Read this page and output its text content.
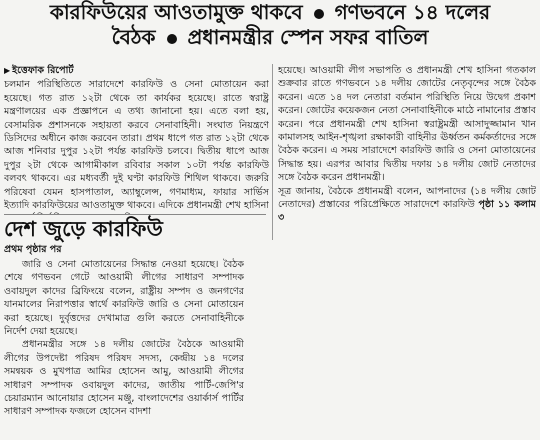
কারফিউয়ের আওতামুক্ত থাকবে গণভবনে ১৪ দলের
বৈঠক প্রধানমন্ত্রীর স্পেন সফর বাতিল
▶ ইত্তেফাক রিপোর্ট

চলমান পরিস্থিতিতে সারাদেশে কারফিউ ও সেনা মোতায়েন করা হয়েছে। গত রাত ১২টা থেকে তা কার্যকর হয়েছে। রাতে স্বরাষ্ট্র মন্ত্রণালয়ের এক প্রজ্ঞাপনে এ তথ্য জানানো হয়। এতে বলা হয়, বেসামরিক প্রশাসনকে সহায়তা করবে সেনাবাহিনী। সংঘাত নিয়ন্ত্রণে ডিসিদের অধীনে কাজ করবেন তারা। প্রথম ধাপে গত রাত ১২টা থেকে আজ শনিবার দুপুর ১২টা পর্যন্ত কারফিউ চলবে। দ্বিতীয় ধাপে আজ দুপুর ২টা থেকে আগামীকাল রবিবার সকাল ১০টা পর্যন্ত কারফিউ বলবৎ থাকবে। এর মধ্যবর্তী দুই ঘণ্টা কারফিউ শিথিল থাকবে। জরুরি পরিষেবা যেমন হাসপাতাল, অ্যাম্বুলেন্স, গণমাধ্যম, ফায়ার সার্ভিস ইত্যাদি কারফিউয়ের আওতামুক্ত থাকবে। এদিকে প্রধানমন্ত্রী শেখ হাসিনা

হয়েছে। আওয়ামী লীগ সভাপতি ও প্রধানমন্ত্রী শেখ হাসিনা গতকাল শুক্রবার রাতে গণভবনে ১৪ দলীয় জোটের নেতৃবৃন্দের সঙ্গে বৈঠক করেন। এতে ১৪ দল নেতারা বর্তমান পরিস্থিতি নিয়ে উদ্বেগ প্রকাশ করেন। জোটের কয়েকজন নেতা সেনাবাহিনীকে মাঠে নামানোর প্রস্তাব করেন। পরে প্রধানমন্ত্রী শেখ হাসিনা স্বরাষ্ট্রমন্ত্রী আসাদুজ্জামান খান কামালসহ আইন-শৃঙ্খলা রক্ষাকারী বাহিনীর ঊর্ধ্বতন কর্মকর্তাদের সঙ্গে বৈঠক করেন। এ সময় সারাদেশে কারফিউ জারি ও সেনা মোতায়েনের সিদ্ধান্ত হয়। এরপর আবার দ্বিতীয় দফায় ১৪ দলীয় জোট নেতাদের সঙ্গে বৈঠক করেন প্রধানমন্ত্রী।

সূত্র জানায়, বৈঠকে প্রধানমন্ত্রী বলেন, আপনাদের (১৪ দলীয় জোট নেতাদের) প্রস্তাবের পরিপ্রেক্ষিতে সারাদেশে কারফিউ পৃষ্ঠা ১১ কলাম ৩

দেশ জুড়ে কারফিউ
প্রথম পৃষ্ঠার পর

জারি ও সেনা মোতায়েনের সিদ্ধান্ত নেওয়া হয়েছে। বৈঠক শেষে গণভবন গেটে আওয়ামী লীগের সাধারণ সম্পাদক ওবায়দুল কাদের ব্রিফিংয়ে বলেন, রাষ্ট্রীয় সম্পদ ও জনগণের যানমালের নিরাপত্তার স্বার্থে কারফিউ জারি ও সেনা মোতায়েন করা হয়েছে। দুর্বৃত্তদের দেখামাত্র গুলি করতে সেনাবাহিনীকে নির্দেশ দেয়া হয়েছে।

প্রধানমন্ত্রীর সঙ্গে ১৪ দলীয় জোটের বৈঠকে আওয়ামী লীগের উপদেষ্টা পরিষদ পরিষদ সদস্য, কেন্দ্রীয় ১৪ দলের সমন্বয়ক ও মুখপাত্র আমির হোসেন আমু, আওয়ামী লীগের সাধারণ সম্পাদক ওবায়দুল কাদের, জাতীয় পার্টি-জেপি'র চেয়ারম্যান আনোয়ার হোসেন মঞ্জু, বাংলাদেশের ওয়ার্কার্স পার্টির সাধারণ সম্পাদক ফজলে হোসেন বাদশা
